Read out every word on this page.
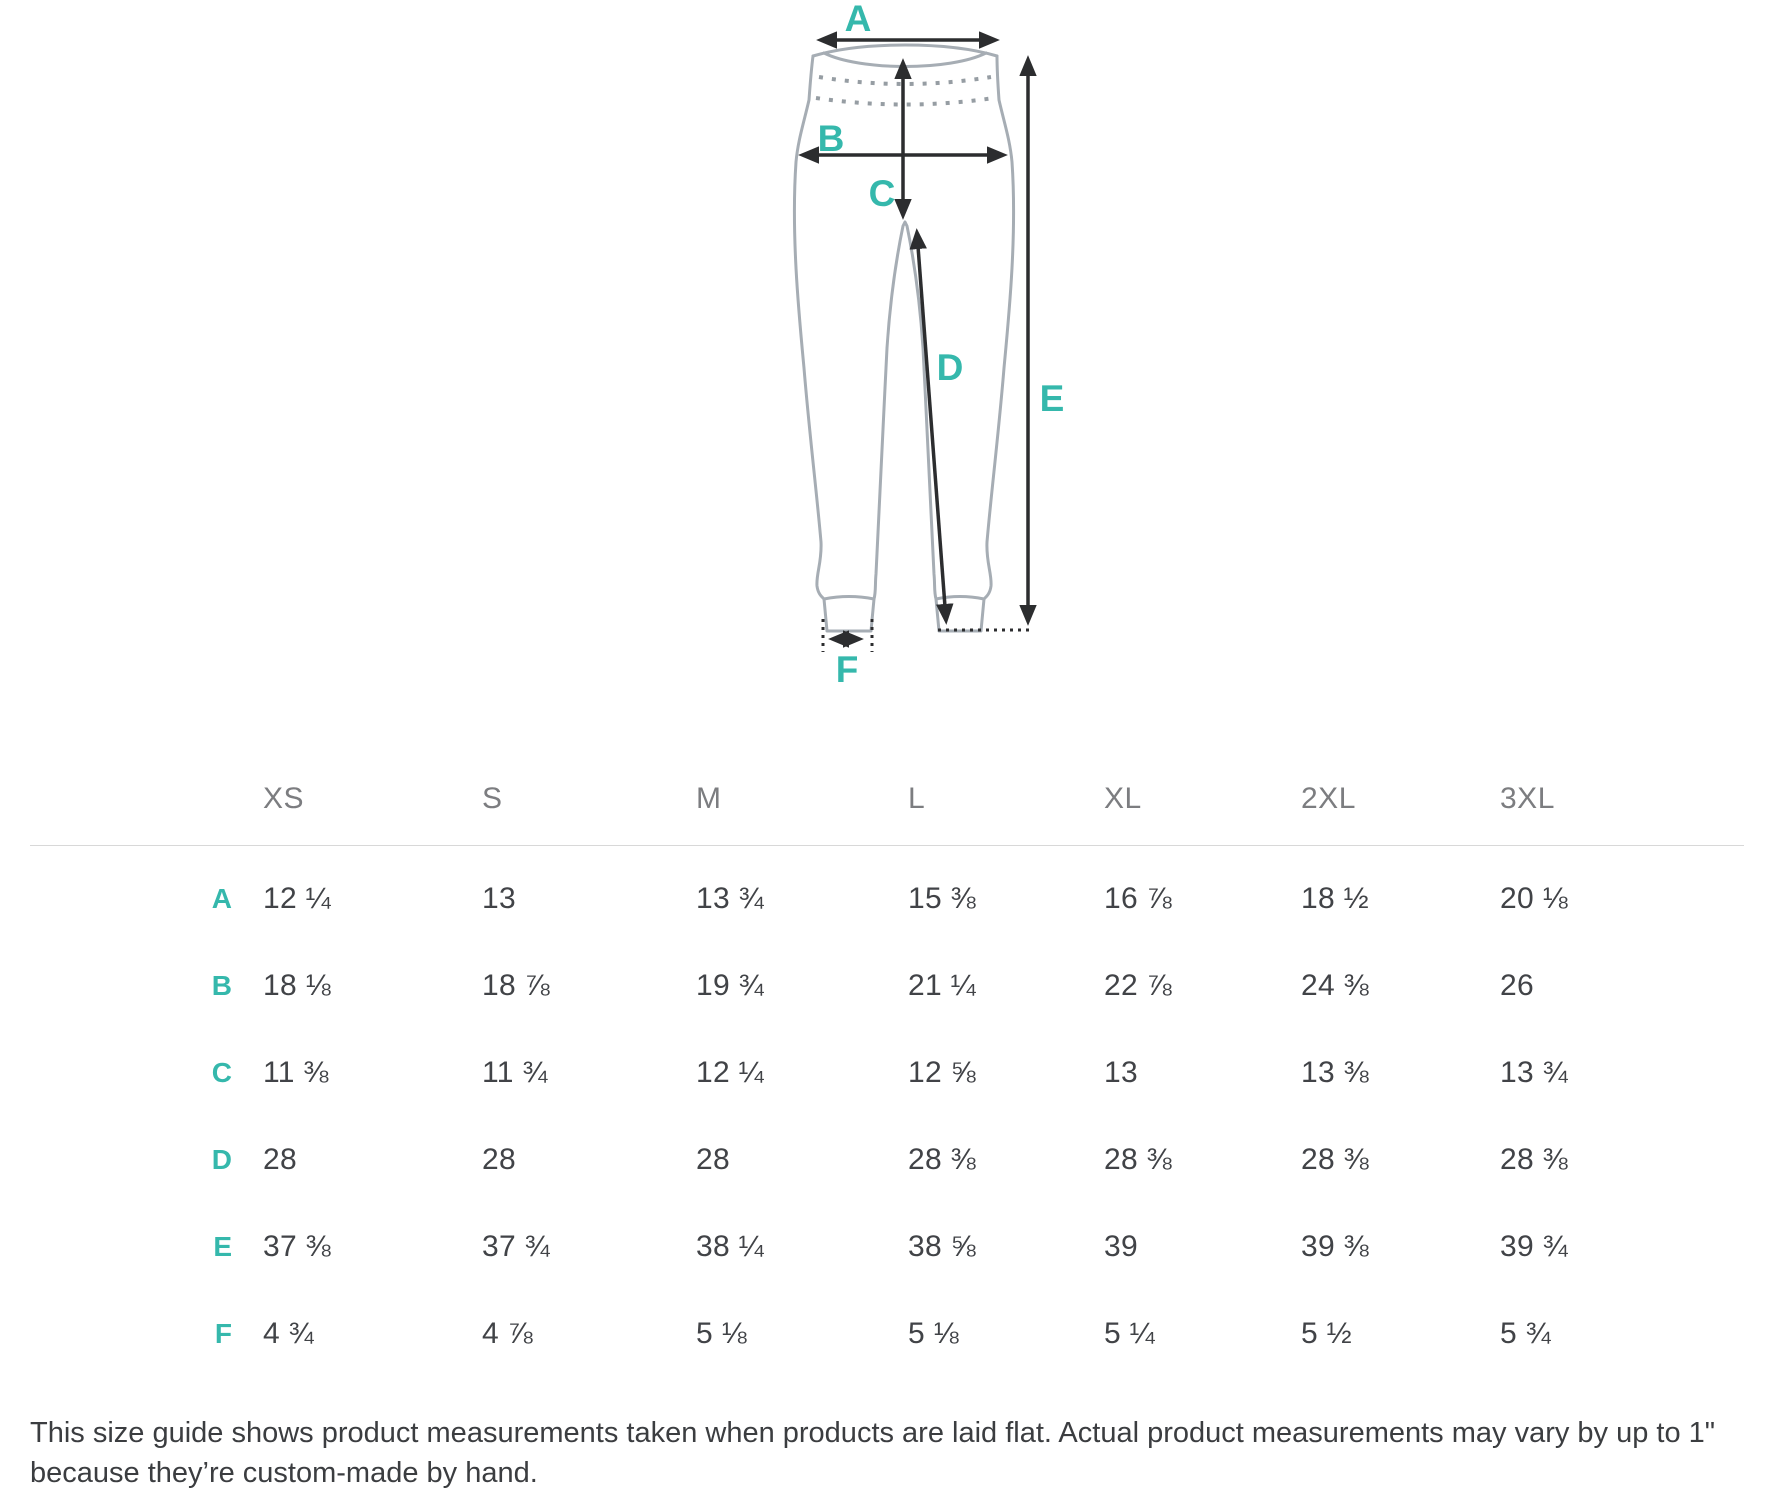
A
B
C
D
E
F
XS	S	M	L	XL	2XL	3XL
A	12 ¼	13	13 ¾	15 ⅜	16 ⅞	18 ½	20 ⅛
B	18 ⅛	18 ⅞	19 ¾	21 ¼	22 ⅞	24 ⅜	26
C	11 ⅜	11 ¾	12 ¼	12 ⅝	13	13 ⅜	13 ¾
D	28	28	28	28 ⅜	28 ⅜	28 ⅜	28 ⅜
E	37 ⅜	37 ¾	38 ¼	38 ⅝	39	39 ⅜	39 ¾
F	4 ¾	4 ⅞	5 ⅛	5 ⅛	5 ¼	5 ½	5 ¾
This size guide shows product measurements taken when products are laid flat. Actual product measurements may vary by up to 1"
because they’re custom-made by hand.
